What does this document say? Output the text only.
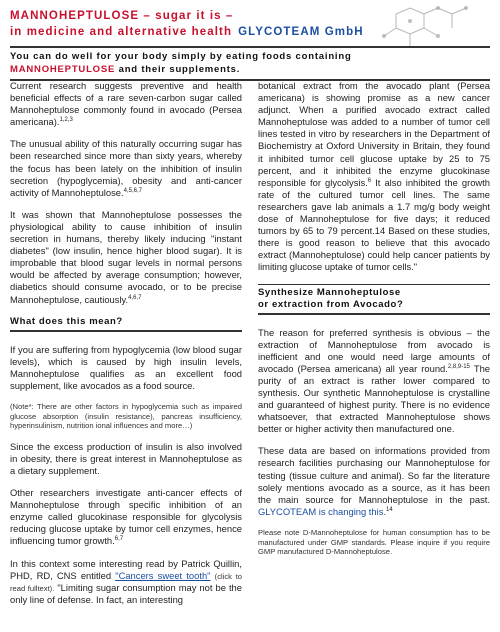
MANNOHEPTULOSE – sugar it is –
in medicine and alternative health GLYCOTEAM GmbH
You can do well for your body simply by eating foods containing
MANNOHEPTULOSE and their supplements.

Current research suggests preventive and health beneficial effects of a rare seven-carbon sugar called Mannoheptulose commonly found in avocado (Persea americana).$^{1,2,3}$

The unusual ability of this naturally occurring sugar has been researched since more than sixty years, whereby the focus has been lately on the inhibition of insulin secretion (hypoglycemia), obesity and anti-cancer activity of Mannoheptulose.$^{4,5,6,7}$

It was shown that Mannoheptulose possesses the physiological ability to cause inhibition of insulin secretion in humans, thereby likely inducing "instant diabetes" (low insulin, hence higher blood sugar). It is improbable that blood sugar levels in normal persons would be affected by average consumption; however, diabetics should consume avocado, or to be precise Mannoheptulose, cautiously.$^{4,6,7}$

What does this mean?

If you are suffering from hypoglycemia (low blood sugar levels), which is caused by high insulin levels, Mannoheptulose qualifies as an excellent food supplement, like avocados as a food source.

(Note*: There are other factors in hypoglycemia such as impaired glucose absorption (insulin resistance), pancreas insufficiency, hyperinsulinism, nutrition ional influences and more…)

Since the excess production of insulin is also involved in obesity, there is great interest in Mannoheptulose as a dietary supplement.

Other researchers investigate anti-cancer effects of Mannoheptulose through specific inhibition of an enzyme called glucokinase responsible for glycolysis reducing glucose uptake by tumor cell enzymes, hence influencing tumor growth.$^{6,7}$

In this context some interesting read by Patrick Quillin, PHD, RD, CNS entitled "Cancers sweet tooth" (click to read fulltext). "Limiting sugar consumption may not be the only line of defense. In fact, an interesting

botanical extract from the avocado plant (Persea americana) is showing promise as a new cancer adjunct. When a purified avocado extract called Mannoheptulose was added to a number of tumor cell lines tested in vitro by researchers in the Department of Biochemistry at Oxford University in Britain, they found it inhibited tumor cell glucose uptake by 25 to 75 percent, and it inhibited the enzyme glucokinase responsible for glycolysis.$^6$ It also inhibited the growth rate of the cultured tumor cell lines. The same researchers gave lab animals a 1.7 mg/g body weight dose of Mannoheptulose for five days; it reduced tumors by 65 to 79 percent.14 Based on these studies, there is good reason to believe that this avocado extract (Mannoheptulose) could help cancer patients by limiting glucose uptake of tumor cells."

Synthesize Mannoheptulose
or extraction from Avocado?

The reason for preferred synthesis is obvious – the extraction of Mannoheptulose from avocado is inefficient and one would need large amounts of avocado (Persea americana) all year round.$^{2,8,9-15}$ The purity of an extract is rather lower compared to synthesis. Our synthetic Mannoheptulose is crystalline and guaranteed of highest purity. There is no evidence whatsoever, that extracted Mannoheptulose shows better or higher activity then manufactured one.

These data are based on informations provided from research facilities purchasing our Mannoheptulose for testing (tissue culture and animal). So far the literature solely mentions avocado as a source, as it has been the main source for Mannoheptulose in the past. GLYCOTEAM is changing this.$^{14}$

Please note D-Mannoheptulose for human consumption has to be manufactured under GMP standards. Please inquire if you require GMP manufactured D-Mannoheptulose.
